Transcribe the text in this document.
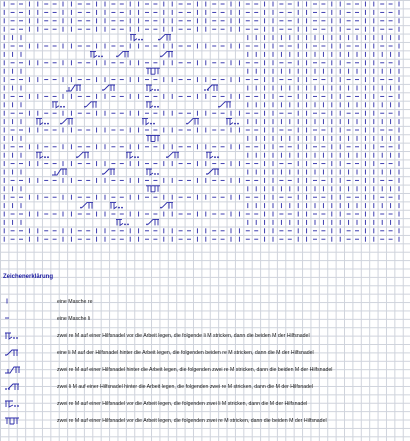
Zeichenerklärung
eine Masche re
eine Masche li
zwei re M auf einer Hilfsnadel vor die Arbeit legen, die folgende li M stricken, dann die beiden M der Hilfsnadel
eine li M auf der Hilfsnadel hinter die Arbeit legen, die folgenden beiden re M stricken, dann die M der Hilfsnadel
zwei re M auf einer Hilfsnadel hinter die Arbeit legen, die folgenden zwei re M stricken, dann die beiden M der Hilfsnadel
zwei li M auf einer Hilfsnadel hinter die Arbeit legen, die folgenden zwei re M stricken, dann die M der Hilfsnadel
zwei re M auf einer Hilfsnadel vor die Arbeit legen, die folgenden zwei li M stricken, dann die M der Hilfsnadel
zwei re M auf einer Hilfsnadel vor die Arbeit legen, die folgenden zwei re M stricken, dann die beiden M der Hilfsnadel
